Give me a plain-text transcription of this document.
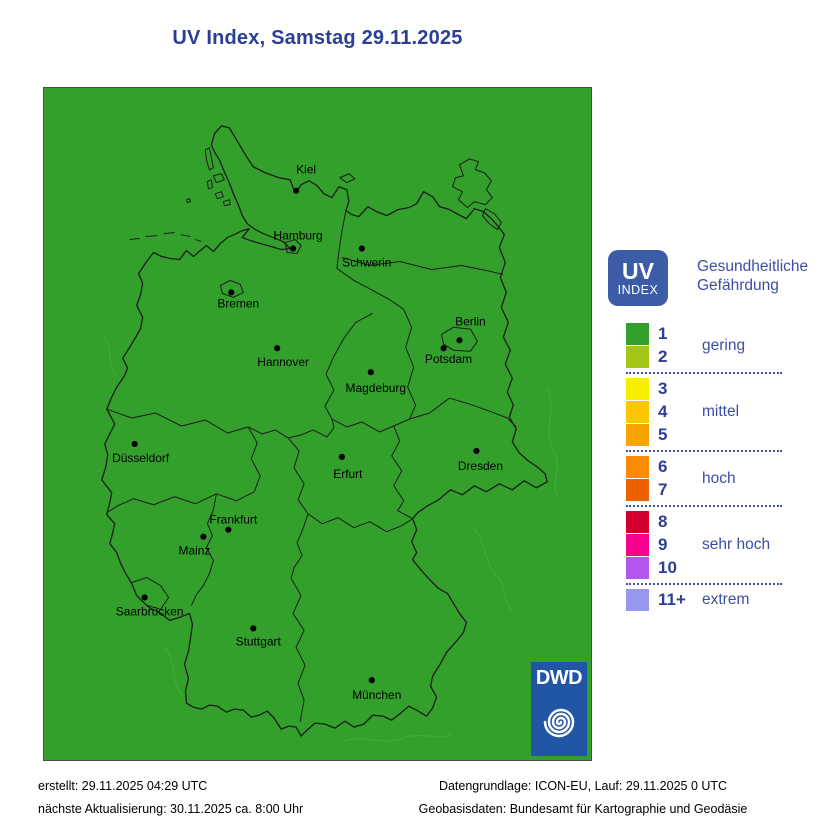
UV Index, Samstag 29.11.2025
Kiel
Hamburg
Schwerin
Bremen
Berlin
Potsdam
Hannover
Magdeburg
Düsseldorf
Erfurt
Dresden
Frankfurt
Mainz
Saarbrücken
Stuttgart
München
DWD
UV
INDEX
Gesundheitliche
Gefährdung
1
2
gering
3
4
5
mittel
6
7
hoch
8
9
10
sehr hoch
11+ extrem
erstellt: 29.11.2025 04:29 UTC
nächste Aktualisierung: 30.11.2025 ca. 8:00 Uhr
Datengrundlage: ICON-EU, Lauf: 29.11.2025 0 UTC
Geobasisdaten: Bundesamt für Kartographie und Geodäsie
